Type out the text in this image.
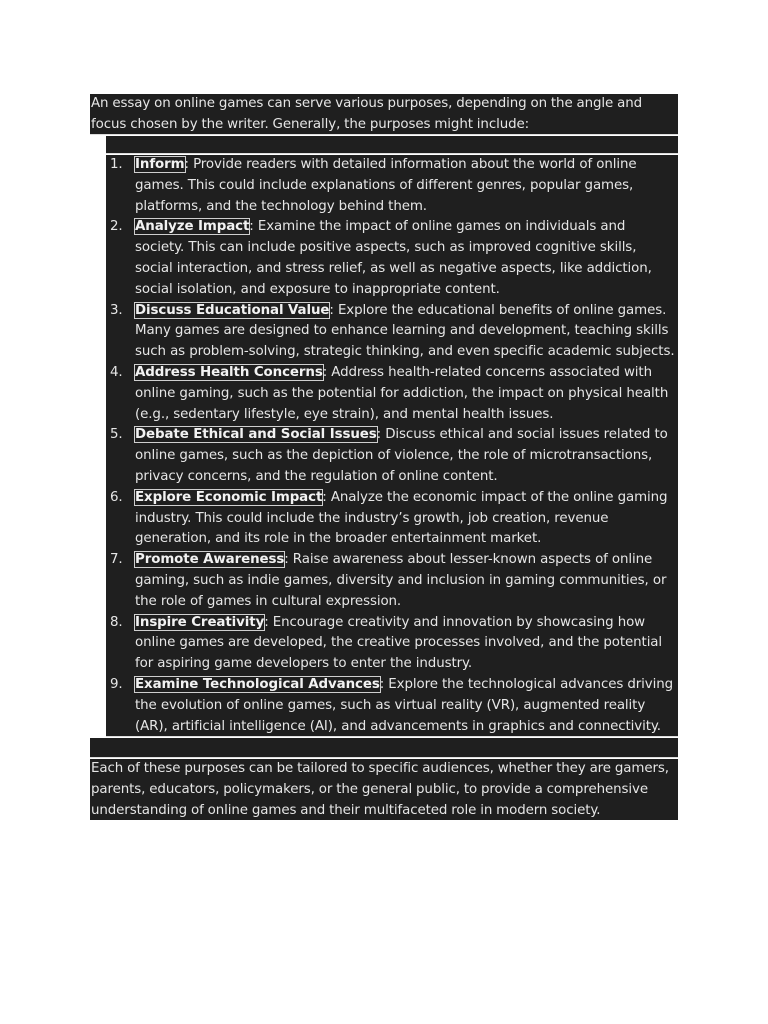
An essay on online games can serve various purposes, depending on the angle and focus chosen by the writer. Generally, the purposes might include:

1. Inform: Provide readers with detailed information about the world of online games. This could include explanations of different genres, popular games, platforms, and the technology behind them.
2. Analyze Impact: Examine the impact of online games on individuals and society. This can include positive aspects, such as improved cognitive skills, social interaction, and stress relief, as well as negative aspects, like addiction, social isolation, and exposure to inappropriate content.
3. Discuss Educational Value: Explore the educational benefits of online games. Many games are designed to enhance learning and development, teaching skills such as problem-solving, strategic thinking, and even specific academic subjects.
4. Address Health Concerns: Address health-related concerns associated with online gaming, such as the potential for addiction, the impact on physical health (e.g., sedentary lifestyle, eye strain), and mental health issues.
5. Debate Ethical and Social Issues: Discuss ethical and social issues related to online games, such as the depiction of violence, the role of microtransactions, privacy concerns, and the regulation of online content.
6. Explore Economic Impact: Analyze the economic impact of the online gaming industry. This could include the industry’s growth, job creation, revenue generation, and its role in the broader entertainment market.
7. Promote Awareness: Raise awareness about lesser-known aspects of online gaming, such as indie games, diversity and inclusion in gaming communities, or the role of games in cultural expression.
8. Inspire Creativity: Encourage creativity and innovation by showcasing how online games are developed, the creative processes involved, and the potential for aspiring game developers to enter the industry.
9. Examine Technological Advances: Explore the technological advances driving the evolution of online games, such as virtual reality (VR), augmented reality (AR), artificial intelligence (AI), and advancements in graphics and connectivity.

Each of these purposes can be tailored to specific audiences, whether they are gamers, parents, educators, policymakers, or the general public, to provide a comprehensive understanding of online games and their multifaceted role in modern society.
